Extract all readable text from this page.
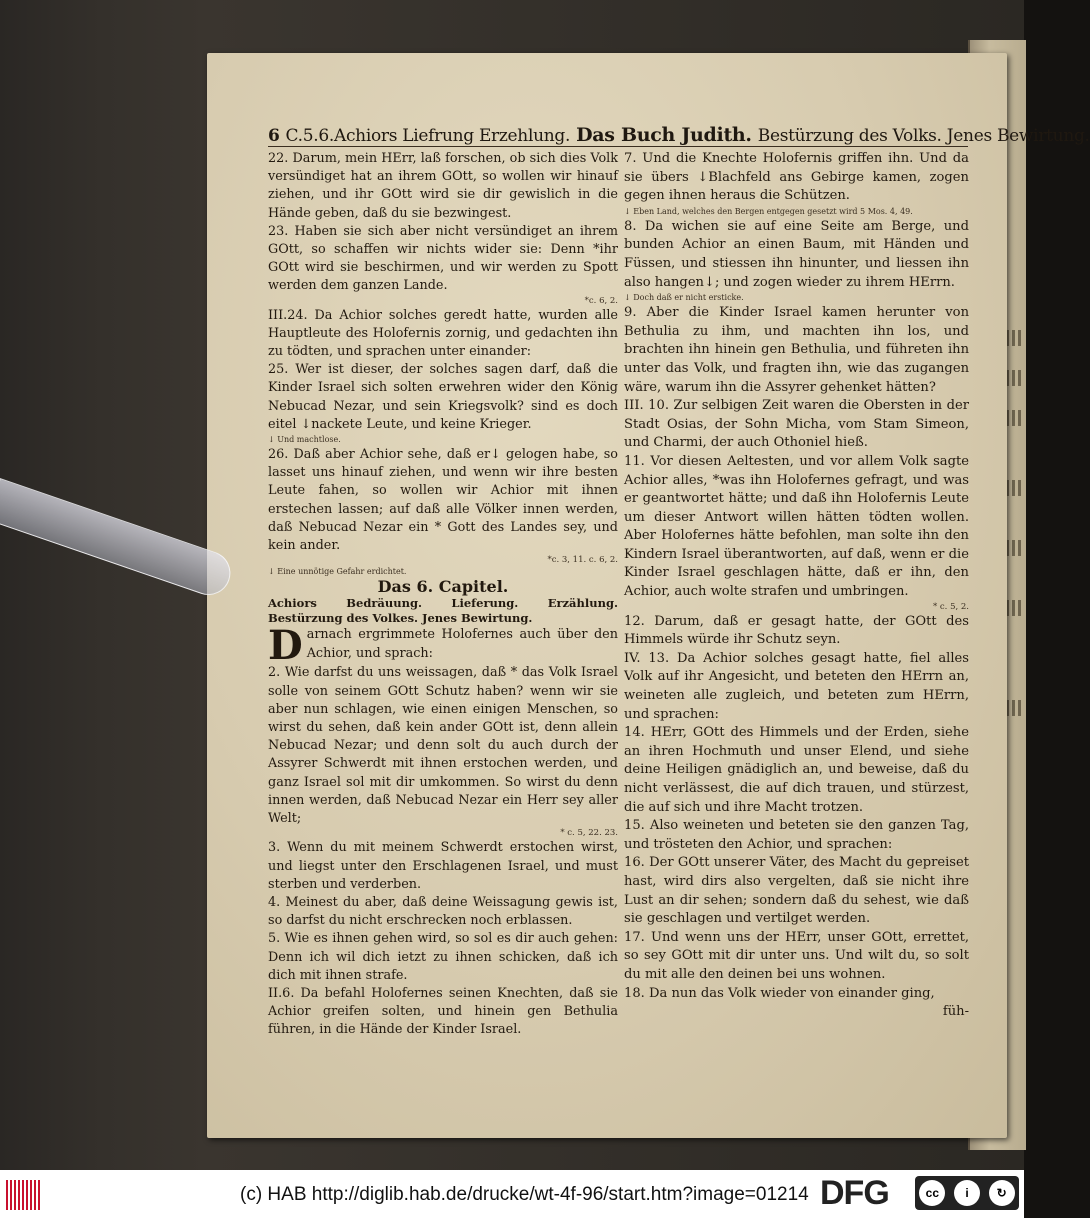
6 C.5.6.Achiors Liefrung Erzehlung. Das Buch Judith. Bestürzung des Volks. Jenes Bewirtung.

22. Darum, mein HErr, laß forschen, ob sich dies Volk versündiget hat an ihrem GOtt, so wollen wir hinauf ziehen, und ihr GOtt wird sie dir gewislich in die Hände geben, daß du sie bezwingest.

23. Haben sie sich aber nicht versündiget an ihrem GOtt, so schaffen wir nichts wider sie: Denn *ihr GOtt wird sie beschirmen, und wir werden zu Spott werden dem ganzen Lande.

*c. 6, 2.

III.24. Da Achior solches geredt hatte, wurden alle Hauptleute des Holofernis zornig, und gedachten ihn zu tödten, und sprachen unter einander:

25. Wer ist dieser, der solches sagen darf, daß die Kinder Israel sich solten erwehren wider den König Nebucad Nezar, und sein Kriegsvolk? sind es doch eitel ↓nackete Leute, und keine Krieger.

↓ Und machtlose.

26. Daß aber Achior sehe, daß er↓ gelogen habe, so lasset uns hinauf ziehen, und wenn wir ihre besten Leute fahen, so wollen wir Achior mit ihnen erstechen lassen; auf daß alle Völker innen werden, daß Nebucad Nezar ein * Gott des Landes sey, und kein ander.

*c. 3, 11. c. 6, 2.

↓ Eine unnötige Gefahr erdichtet.

Das 6. Capitel.

Achiors Bedräuung. Lieferung. Erzählung. Bestürzung des Volkes. Jenes Bewirtung.

Darnach ergrimmete Holofernes auch über den Achior, und sprach:

2. Wie darfst du uns weissagen, daß * das Volk Israel solle von seinem GOtt Schutz haben? wenn wir sie aber nun schlagen, wie einen einigen Menschen, so wirst du sehen, daß kein ander GOtt ist, denn allein Nebucad Nezar; und denn solt du auch durch der Assyrer Schwerdt mit ihnen erstochen werden, und ganz Israel sol mit dir umkommen. So wirst du denn innen werden, daß Nebucad Nezar ein Herr sey aller Welt;

* c. 5, 22. 23.

3. Wenn du mit meinem Schwerdt erstochen wirst, und liegst unter den Erschlagenen Israel, und must sterben und verderben.

4. Meinest du aber, daß deine Weissagung gewis ist, so darfst du nicht erschrecken noch erblassen.

5. Wie es ihnen gehen wird, so sol es dir auch gehen: Denn ich wil dich ietzt zu ihnen schicken, daß ich dich mit ihnen strafe.

II.6. Da befahl Holofernes seinen Knechten, daß sie Achior greifen solten, und hinein gen Bethulia führen, in die Hände der Kinder Israel.

7. Und die Knechte Holofernis griffen ihn. Und da sie übers ↓Blachfeld ans Gebirge kamen, zogen gegen ihnen heraus die Schützen.

↓ Eben Land, welches den Bergen entgegen gesetzt wird 5 Mos. 4, 49.

8. Da wichen sie auf eine Seite am Berge, und bunden Achior an einen Baum, mit Händen und Füssen, und stiessen ihn hinunter, und liessen ihn also hangen↓; und zogen wieder zu ihrem HErrn.

↓ Doch daß er nicht ersticke.

9. Aber die Kinder Israel kamen herunter von Bethulia zu ihm, und machten ihn los, und brachten ihn hinein gen Bethulia, und führeten ihn unter das Volk, und fragten ihn, wie das zugangen wäre, warum ihn die Assyrer gehenket hätten?

III. 10. Zur selbigen Zeit waren die Obersten in der Stadt Osias, der Sohn Micha, vom Stam Simeon, und Charmi, der auch Othoniel hieß.

11. Vor diesen Aeltesten, und vor allem Volk sagte Achior alles, *was ihn Holofernes gefragt, und was er geantwortet hätte; und daß ihn Holofernis Leute um dieser Antwort willen hätten tödten wollen. Aber Holofernes hätte befohlen, man solte ihn den Kindern Israel überantworten, auf daß, wenn er die Kinder Israel geschlagen hätte, daß er ihn, den Achior, auch wolte strafen und umbringen.

* c. 5, 2.

12. Darum, daß er gesagt hatte, der GOtt des Himmels würde ihr Schutz seyn.

IV. 13. Da Achior solches gesagt hatte, fiel alles Volk auf ihr Angesicht, und beteten den HErrn an, weineten alle zugleich, und beteten zum HErrn, und sprachen:

14. HErr, GOtt des Himmels und der Erden, siehe an ihren Hochmuth und unser Elend, und siehe deine Heiligen gnädiglich an, und beweise, daß du nicht verlässest, die auf dich trauen, und stürzest, die auf sich und ihre Macht trotzen.

15. Also weineten und beteten sie den ganzen Tag, und trösteten den Achior, und sprachen:

16. Der GOtt unserer Väter, des Macht du gepreiset hast, wird dirs also vergelten, daß sie nicht ihre Lust an dir sehen; sondern daß du sehest, wie daß sie geschlagen und vertilget werden.

17. Und wenn uns der HErr, unser GOtt, errettet, so sey GOtt mit dir unter uns. Und wilt du, so solt du mit alle den deinen bei uns wohnen.

18. Da nun das Volk wieder von einander ging,

füh-

(c) HAB http://diglib.hab.de/drucke/wt-4f-96/start.htm?image=01214 DFG	cc	i	↻
